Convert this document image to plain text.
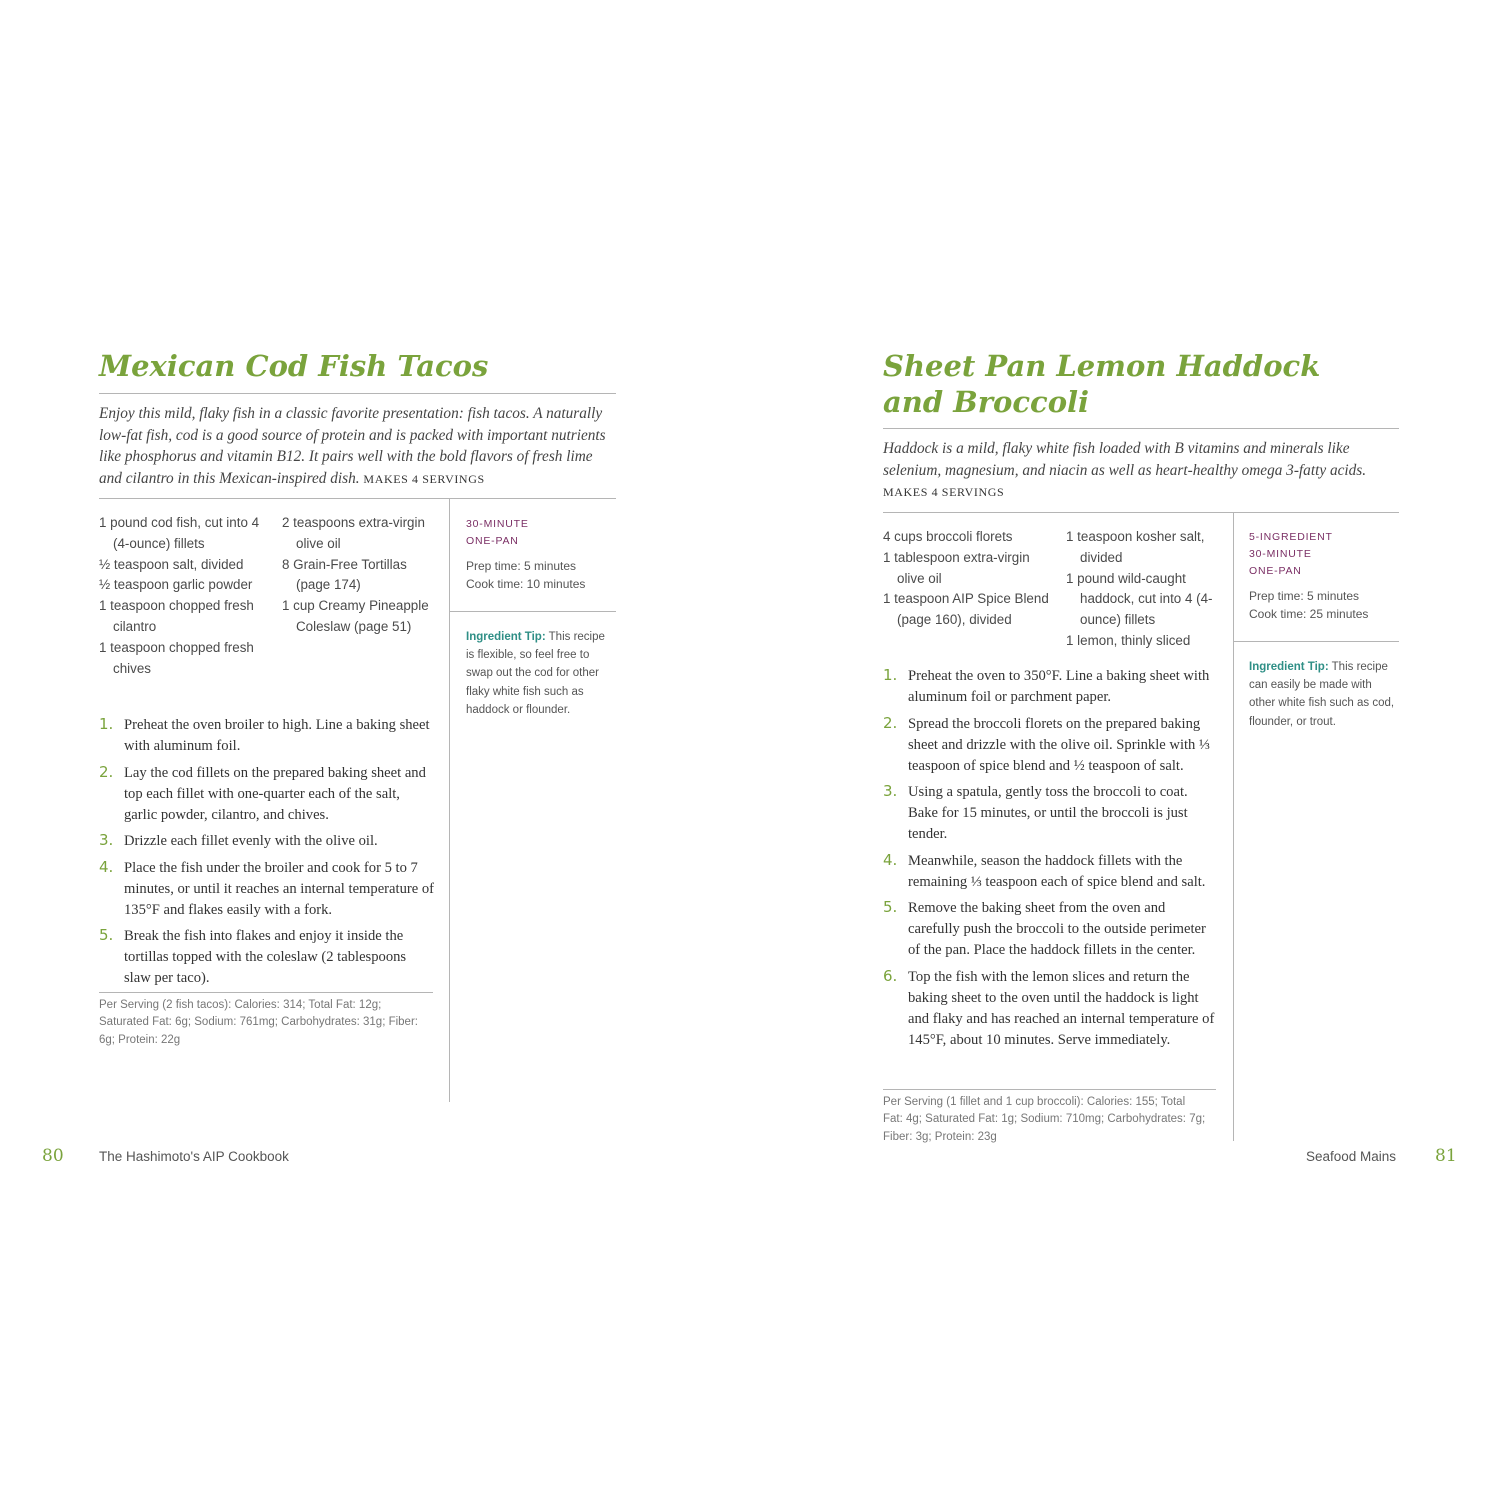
Mexican Cod Fish Tacos

Enjoy this mild, flaky fish in a classic favorite presentation: fish tacos. A naturally low-fat fish, cod is a good source of protein and is packed with important nutrients like phosphorus and vitamin B12. It pairs well with the bold flavors of fresh lime and cilantro in this Mexican-inspired dish. MAKES 4 SERVINGS

1 pound cod fish, cut into 4 (4-ounce) fillets
½ teaspoon salt, divided
½ teaspoon garlic powder
1 teaspoon chopped fresh cilantro
1 teaspoon chopped fresh chives
2 teaspoons extra-virgin olive oil
8 Grain-Free Tortillas (page 174)
1 cup Creamy Pineapple Coleslaw (page 51)
30-MINUTE
ONE-PAN
Prep time: 5 minutes
Cook time: 10 minutes

Ingredient Tip: This recipe is flexible, so feel free to swap out the cod for other flaky white fish such as haddock or flounder.

1. Preheat the oven broiler to high. Line a baking sheet with aluminum foil.
2. Lay the cod fillets on the prepared baking sheet and top each fillet with one-quarter each of the salt, garlic powder, cilantro, and chives.
3. Drizzle each fillet evenly with the olive oil.
4. Place the fish under the broiler and cook for 5 to 7 minutes, or until it reaches an internal temperature of 135°F and flakes easily with a fork.
5. Break the fish into flakes and enjoy it inside the tortillas topped with the coleslaw (2 tablespoons slaw per taco).

Per Serving (2 fish tacos): Calories: 314; Total Fat: 12g; Saturated Fat: 6g; Sodium: 761mg; Carbohydrates: 31g; Fiber: 6g; Protein: 22g

80	The Hashimoto's AIP Cookbook
Sheet Pan Lemon Haddock
and Broccoli

Haddock is a mild, flaky white fish loaded with B vitamins and minerals like selenium, magnesium, and niacin as well as heart-healthy omega 3-fatty acids.

MAKES 4 SERVINGS
4 cups broccoli florets
1 tablespoon extra-virgin olive oil
1 teaspoon AIP Spice Blend (page 160), divided
1 teaspoon kosher salt, divided
1 pound wild-caught haddock, cut into 4 (4-ounce) fillets
1 lemon, thinly sliced
5-INGREDIENT
30-MINUTE
ONE-PAN
Prep time: 5 minutes
Cook time: 25 minutes

Ingredient Tip: This recipe can easily be made with other white fish such as cod, flounder, or trout.

1. Preheat the oven to 350°F. Line a baking sheet with aluminum foil or parchment paper.
2. Spread the broccoli florets on the prepared baking sheet and drizzle with the olive oil. Sprinkle with ⅓ teaspoon of spice blend and ½ teaspoon of salt.
3. Using a spatula, gently toss the broccoli to coat. Bake for 15 minutes, or until the broccoli is just tender.
4. Meanwhile, season the haddock fillets with the remaining ⅓ teaspoon each of spice blend and salt.
5. Remove the baking sheet from the oven and carefully push the broccoli to the outside perimeter of the pan. Place the haddock fillets in the center.
6. Top the fish with the lemon slices and return the baking sheet to the oven until the haddock is light and flaky and has reached an internal temperature of 145°F, about 10 minutes. Serve immediately.

Per Serving (1 fillet and 1 cup broccoli): Calories: 155; Total Fat: 4g; Saturated Fat: 1g; Sodium: 710mg; Carbohydrates: 7g; Fiber: 3g; Protein: 23g

Seafood Mains 81
